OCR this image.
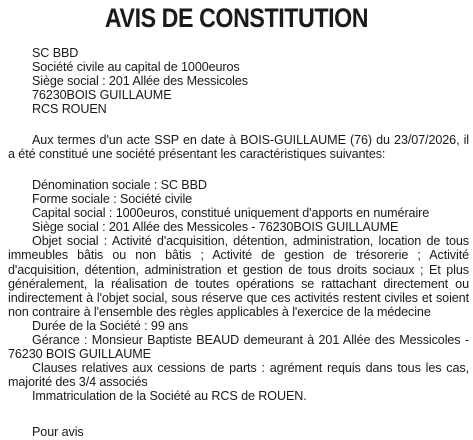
AVIS DE CONSTITUTION
SC BBD
Société civile au capital de 1000euros
Siège social : 201 Allée des Messicoles
76230BOIS GUILLAUME
RCS ROUEN
Aux termes d'un acte SSP en date à BOIS-GUILLAUME (76) du 23/07/2026, il a été constitué une société présentant les caractéristiques suivantes:
Dénomination sociale : SC BBD
Forme sociale : Société civile
Capital social : 1000euros, constitué uniquement d'apports en numéraire
Siège social : 201 Allée des Messicoles - 76230BOIS GUILLAUME
Objet social : Activité d'acquisition, détention, administration, location de tous immeubles bâtis ou non bâtis ; Activité de gestion de trésorerie ; Activité d'acquisition, détention, administration et gestion de tous droits sociaux ; Et plus généralement, la réalisation de toutes opérations se rattachant directement ou indirectement à l'objet social, sous réserve que ces activités restent civiles et soient non contraire à l'ensemble des règles applicables à l'exercice de la médecine
Durée de la Société : 99 ans
Gérance : Monsieur Baptiste BEAUD demeurant à 201 Allée des Messicoles - 76230 BOIS GUILLAUME
Clauses relatives aux cessions de parts : agrément requis dans tous les cas, majorité des 3/4 associés
Immatriculation de la Société au RCS de ROUEN.
Pour avis
